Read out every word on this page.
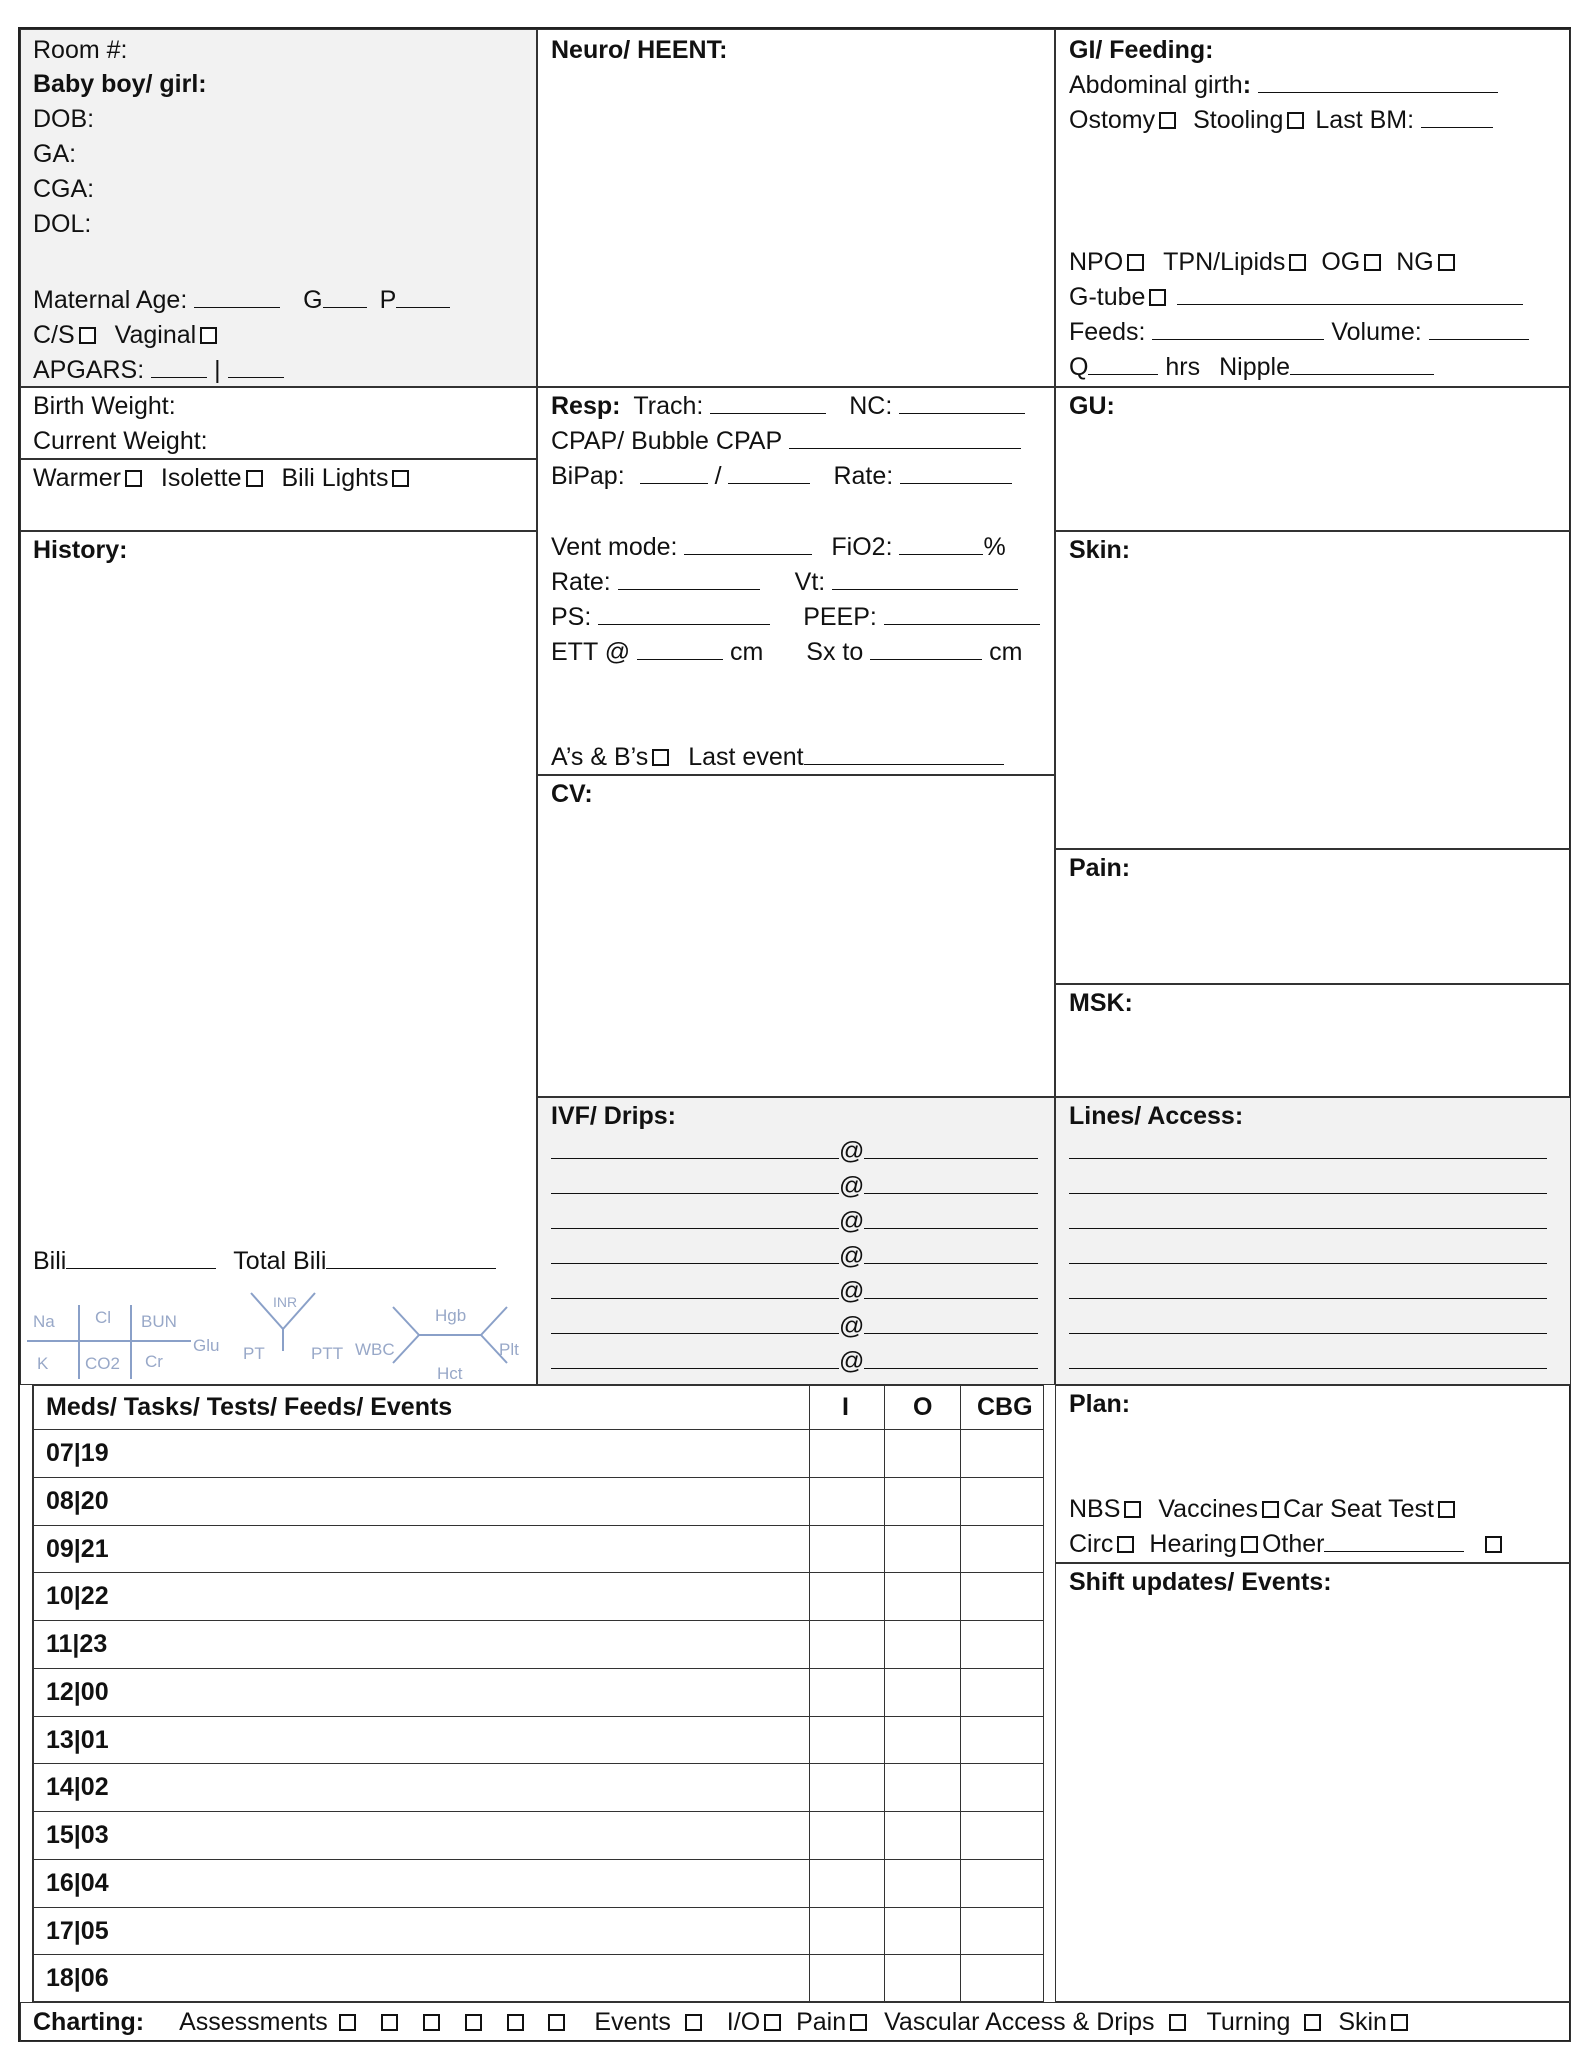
Room #:
Baby boy/ girl:
DOB:
GA:
CGA:
DOL:
Maternal Age:	G P
C/S Vaginal
APGARS:	|
Neuro/ HEENT:	GI/ Feeding:
Abdominal girth:
Ostomy Stooling Last BM:
NPO TPN/Lipids OG NG
G-tube
Feeds:	Volume:
Q	hrs Nipple
Birth Weight:
Current Weight:
Warmer Isolette Bili Lights
Resp: Trach:	NC:
CPAP/ Bubble CPAP
BiPap:	/	Rate:
Vent mode:	FiO2:	%
Rate:	Vt:
PS:	PEEP:
ETT @	cm Sx to	cm
A’s & B’s Last event
GU:
History:
Bili	Total Bili
Na Cl BUN
Glu
K CO2 Cr
INR
PT	PTT WBC
Hgb
Hct
Plt
Skin:
CV:
Pain:
MSK:
IVF/ Drips:
@
@
@
@
@
@
@
Lines/ Access:
Meds/ Tasks/ Tests/ Feeds/ Events	I	O CBG
07|19
08|20
09|21
10|22
11|23
12|00
13|01
14|02
15|03
16|04
17|05
18|06
Plan:
NBS Vaccines Car Seat Test
Circ Hearing Other
Shift updates/ Events:
Charting: Assessments	Events I/O Pain Vascular Access & Drips Turning Skin
